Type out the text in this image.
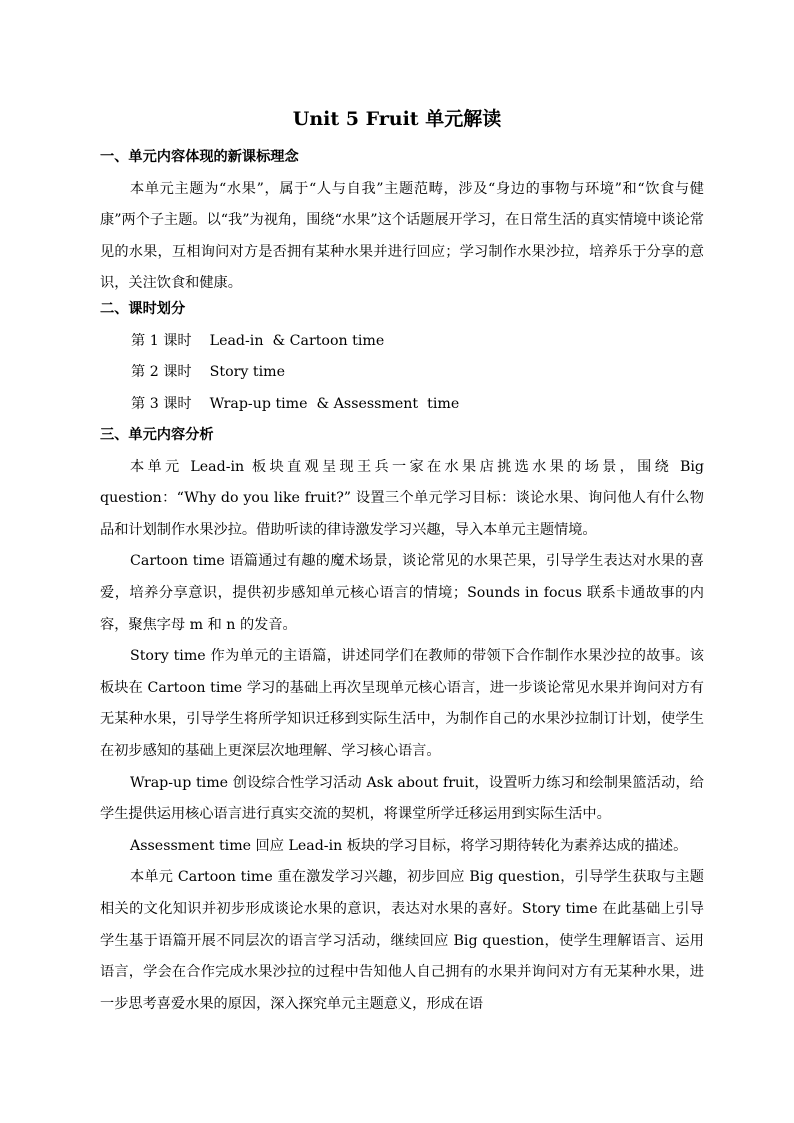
Unit 5 Fruit 单元解读
一、单元内容体现的新课标理念
本单元主题为“水果”，属于“人与自我”主题范畴，涉及“身边的事物与环境”和“饮食与健康”两个子主题。以“我”为视角，围绕“水果”这个话题展开学习，在日常生活的真实情境中谈论常见的水果，互相询问对方是否拥有某种水果并进行回应；学习制作水果沙拉，培养乐于分享的意识，关注饮食和健康。
二、课时划分
第 1 课时    Lead-in  & Cartoon time
第 2 课时    Story time
第 3 课时    Wrap-up time  & Assessment  time
三、单元内容分析
本单元 Lead-in 板块直观呈现王兵一家在水果店挑选水果的场景，围绕 Big question：“Why do you like fruit?” 设置三个单元学习目标：谈论水果、询问他人有什么物品和计划制作水果沙拉。借助听读的律诗激发学习兴趣，导入本单元主题情境。
Cartoon time 语篇通过有趣的魔术场景，谈论常见的水果芒果，引导学生表达对水果的喜爱，培养分享意识，提供初步感知单元核心语言的情境；Sounds in focus 联系卡通故事的内容，聚焦字母 m 和 n 的发音。
Story time 作为单元的主语篇，讲述同学们在教师的带领下合作制作水果沙拉的故事。该板块在 Cartoon time 学习的基础上再次呈现单元核心语言，进一步谈论常见水果并询问对方有无某种水果，引导学生将所学知识迁移到实际生活中，为制作自己的水果沙拉制订计划，使学生在初步感知的基础上更深层次地理解、学习核心语言。
Wrap-up time 创设综合性学习活动 Ask about fruit，设置听力练习和绘制果篮活动，给学生提供运用核心语言进行真实交流的契机，将课堂所学迁移运用到实际生活中。
Assessment time 回应 Lead-in 板块的学习目标，将学习期待转化为素养达成的描述。
本单元 Cartoon time 重在激发学习兴趣，初步回应 Big question，引导学生获取与主题相关的文化知识并初步形成谈论水果的意识，表达对水果的喜好。Story time 在此基础上引导学生基于语篇开展不同层次的语言学习活动，继续回应 Big question，使学生理解语言、运用语言，学会在合作完成水果沙拉的过程中告知他人自己拥有的水果并询问对方有无某种水果，进一步思考喜爱水果的原因，深入探究单元主题意义，形成在语
